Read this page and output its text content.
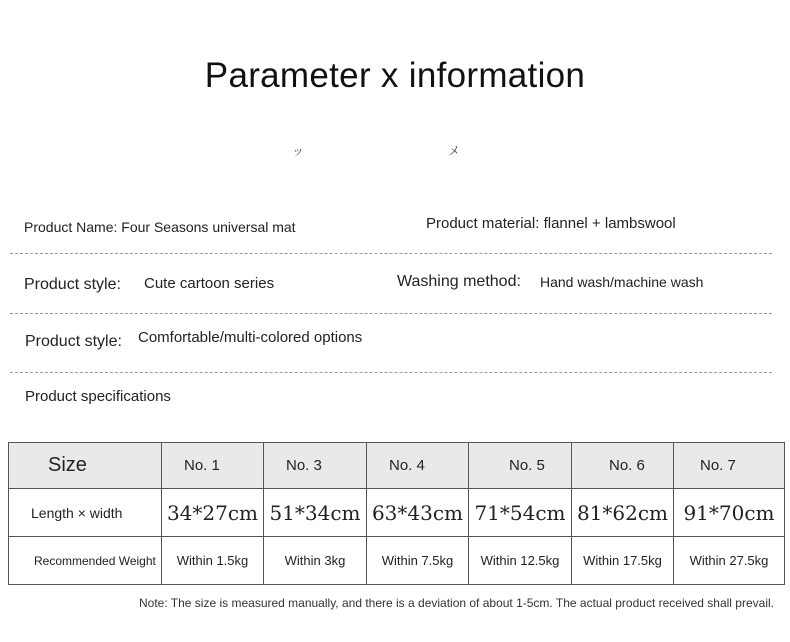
Parameter x information
ッ	メ
Product Name: Four Seasons universal mat	Product material: flannel + lambswool
Product style: Cute cartoon series	Washing method: Hand wash/machine wash
Product style: Comfortable/multi-colored options
Product specifications
Size	No. 1	No. 3	No. 4	No. 5	No. 6	No. 7
Length × width	34*27cm	51*34cm	63*43cm	71*54cm	81*62cm	91*70cm
Recommended Weight	Within 1.5kg	Within 3kg	Within 7.5kg	Within 12.5kg	Within 17.5kg	Within 27.5kg
Note: The size is measured manually, and there is a deviation of about 1-5cm. The actual product received shall prevail.
